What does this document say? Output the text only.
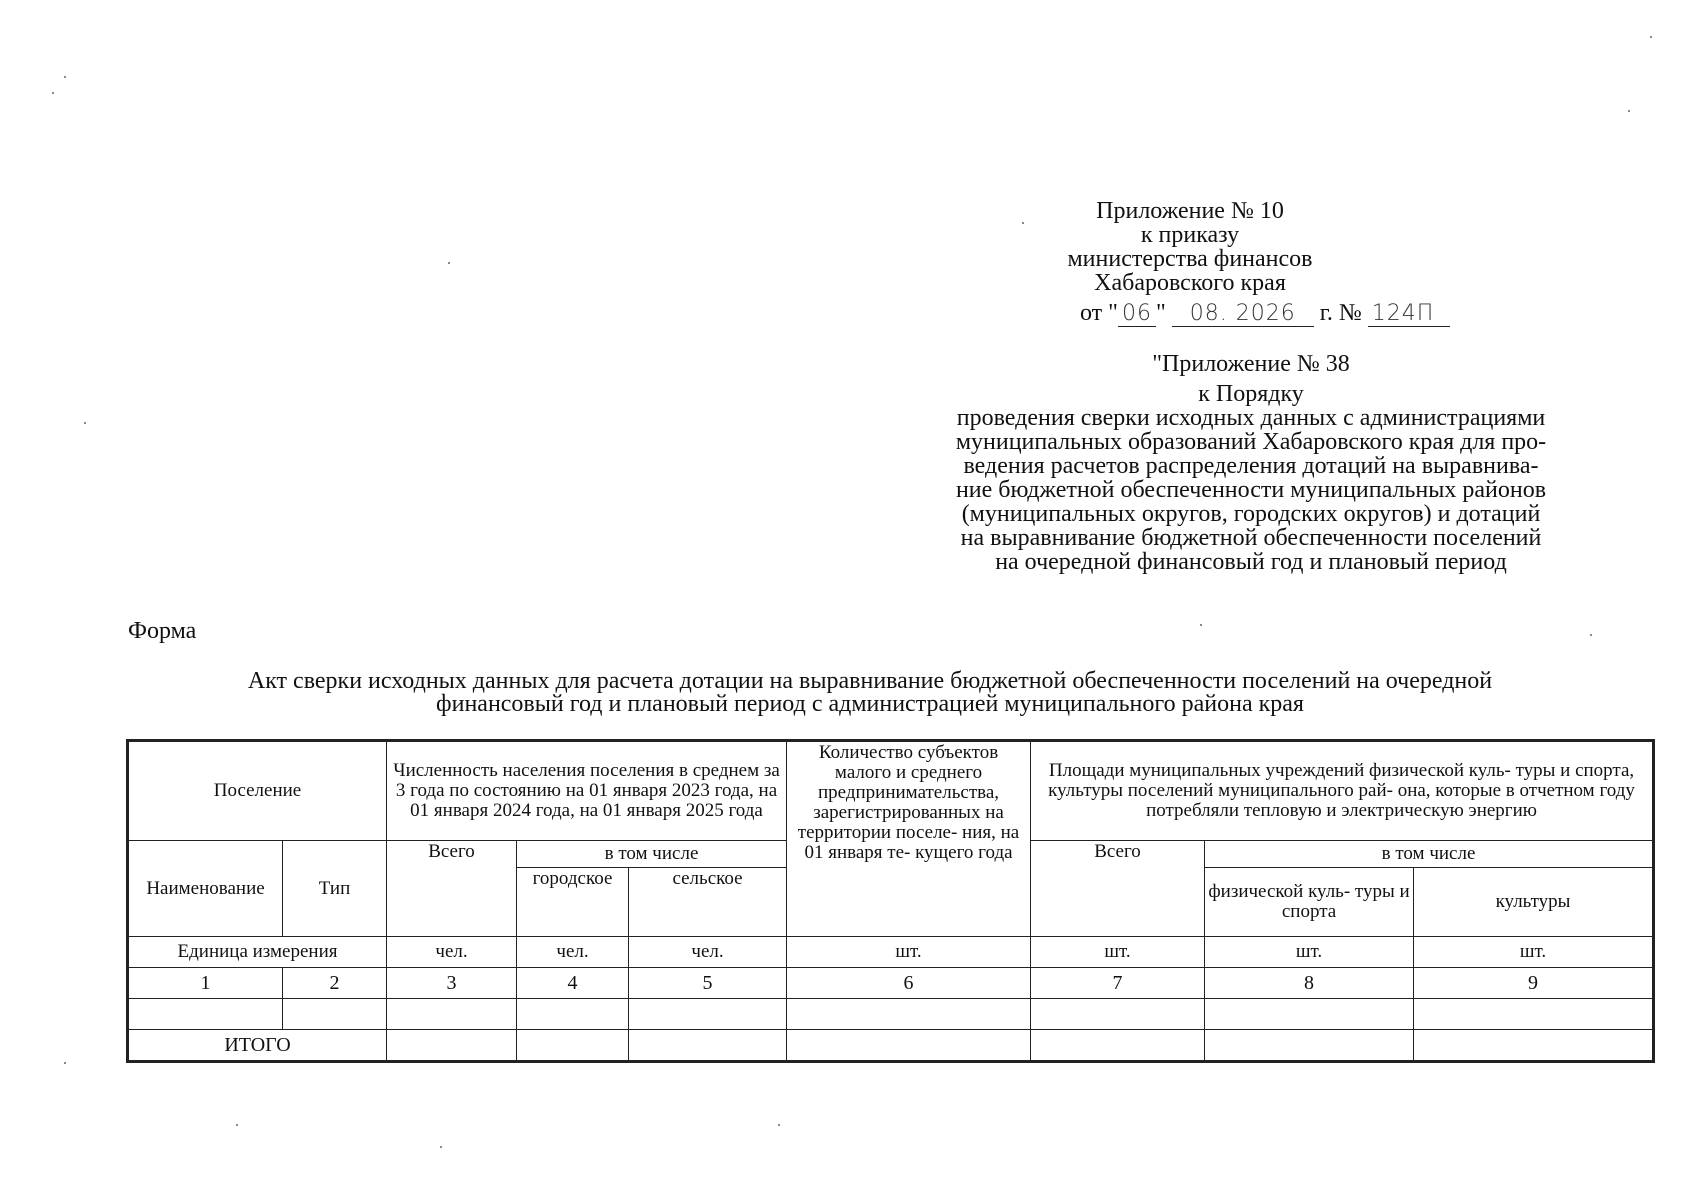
Приложение № 10
к приказу
министерства финансов
Хабаровского края
от " 06 " 08. 2026 г. № 124П
"Приложение № 38
к Порядку
проведения сверки исходных данных с администрациями
муниципальных образований Хабаровского края для про-
ведения расчетов распределения дотаций на выравнива-
ние бюджетной обеспеченности муниципальных районов
(муниципальных округов, городских округов) и дотаций
на выравнивание бюджетной обеспеченности поселений
на очередной финансовый год и плановый период
Форма
Акт сверки исходных данных для расчета дотации на выравнивание бюджетной обеспеченности поселений на очередной
финансовый год и плановый период с администрацией муниципального района края
Поселение		Численность населения поселения в среднем за 3 года по состоянию на 01 января 2023 года, на 01 января 2024 года, на 01 января 2025 года			Количество субъектов малого и среднего предпринимательства, зарегистрированных на территории поселе- ния, на 01 января те- кущего года	Площади муниципальных учреждений физической куль- туры и спорта, культуры поселений муниципального рай- она, которые в отчетном году потребляли тепловую и электрическую энергию		
Наименование	Тип	Всего	в том числе			Всего	в том числе	
			городское	сельское			физической куль- туры и спорта	культуры
Единица измерения		чел.	чел.	чел.	шт.	шт.	шт.	шт.
1	2	3	4	5	6	7	8	9

ИТОГО								
